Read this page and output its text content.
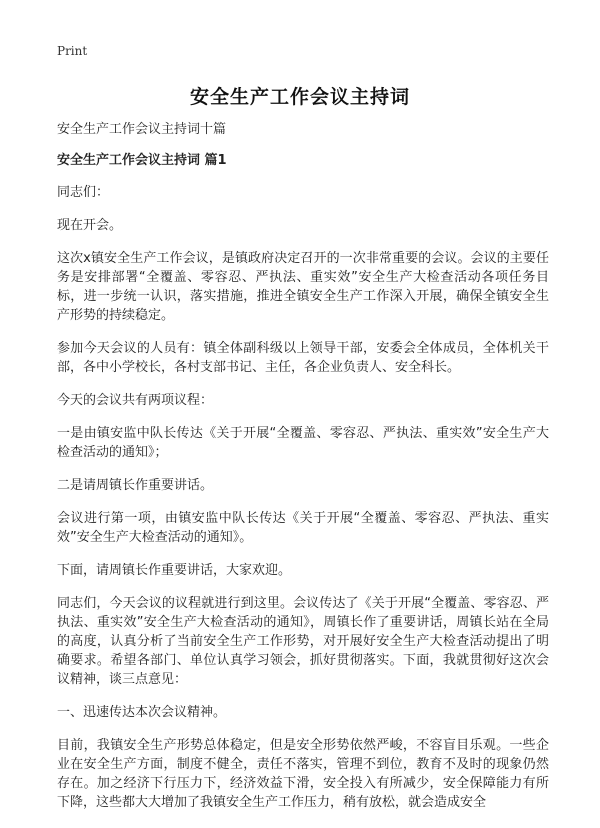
Print
安全生产工作会议主持词

安全生产工作会议主持词十篇

安全生产工作会议主持词 篇1

同志们：

现在开会。

这次x镇安全生产工作会议，是镇政府决定召开的一次非常重要的会议。会议的主要任务是安排部署“全覆盖、零容忍、严执法、重实效”安全生产大检查活动各项任务目标，进一步统一认识，落实措施，推进全镇安全生产工作深入开展，确保全镇安全生产形势的持续稳定。

参加今天会议的人员有：镇全体副科级以上领导干部，安委会全体成员，全体机关干部，各中小学校长，各村支部书记、主任，各企业负责人、安全科长。

今天的会议共有两项议程：

一是由镇安监中队长传达《关于开展“全覆盖、零容忍、严执法、重实效”安全生产大检查活动的通知》；

二是请周镇长作重要讲话。

会议进行第一项，由镇安监中队长传达《关于开展“全覆盖、零容忍、严执法、重实效”安全生产大检查活动的通知》。

下面，请周镇长作重要讲话，大家欢迎。

同志们，今天会议的议程就进行到这里。会议传达了《关于开展“全覆盖、零容忍、严执法、重实效”安全生产大检查活动的通知》，周镇长作了重要讲话，周镇长站在全局的高度，认真分析了当前安全生产工作形势，对开展好安全生产大检查活动提出了明确要求。希望各部门、单位认真学习领会，抓好贯彻落实。下面，我就贯彻好这次会议精神，谈三点意见：

一、迅速传达本次会议精神。

目前，我镇安全生产形势总体稳定，但是安全形势依然严峻，不容盲目乐观。一些企业在安全生产方面，制度不健全，责任不落实，管理不到位，教育不及时的现象仍然存在。加之经济下行压力下，经济效益下滑，安全投入有所减少，安全保障能力有所下降，这些都大大增加了我镇安全生产工作压力，稍有放松，就会造成安全
